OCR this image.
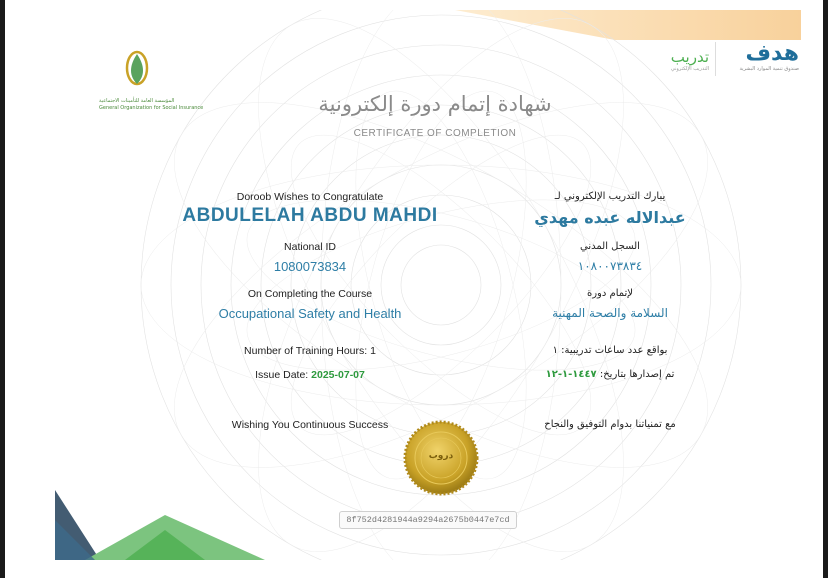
المؤسسة العامة للتأمينات الاجتماعية
General Organization for Social Insurance
تدريب
التدريب الإلكتروني
هدف
صندوق تنمية الموارد البشرية
شهادة إتمام دورة إلكترونية
CERTIFICATE OF COMPLETION
Doroob Wishes to Congratulate
ABDULELAH ABDU MAHDI
National ID
1080073834
On Completing the Course
Occupational Safety and Health
Number of Training Hours: 1
Issue Date: 2025-07-07
Wishing You Continuous Success
يبارك التدريب الإلكتروني لـ
عبدالاله عبده مهدي
السجل المدني
١٠٨٠٠٧٣٨٣٤
لإتمام دورة
السلامة والصحة المهنية
بواقع عدد ساعات تدريبية: ١
تم إصدارها بتاريخ: ١٤٤٧-١-١٢
مع تمنياتنا بدوام التوفيق والنجاح
دروب
8f752d4281944a9294a2675b0447e7cd
